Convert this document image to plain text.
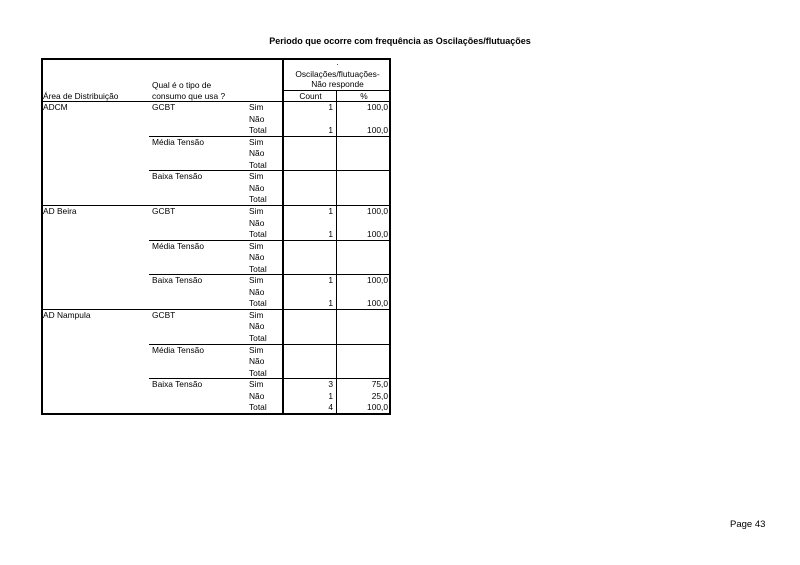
Periodo que ocorre com frequência as Oscilações/flutuações
Área de Distribuição
Qual é o tipo de
consumo que usa ?
.
Oscilações/flutuações-
Não responde
Count	%
ADCM	GCBT	Sim	1	100,0
Não
Total	1	100,0
Média Tensão	Sim
Não
Total
Baixa Tensão	Sim
Não
Total
AD Beira	GCBT	Sim	1	100,0
Não
Total	1	100,0
Média Tensão	Sim
Não
Total
Baixa Tensão	Sim	1	100,0
Não
Total	1	100,0
AD Nampula	GCBT	Sim
Não
Total
Média Tensão	Sim
Não
Total
Baixa Tensão	Sim	3	75,0
Não	1	25,0
Total	4	100,0
Page 43
